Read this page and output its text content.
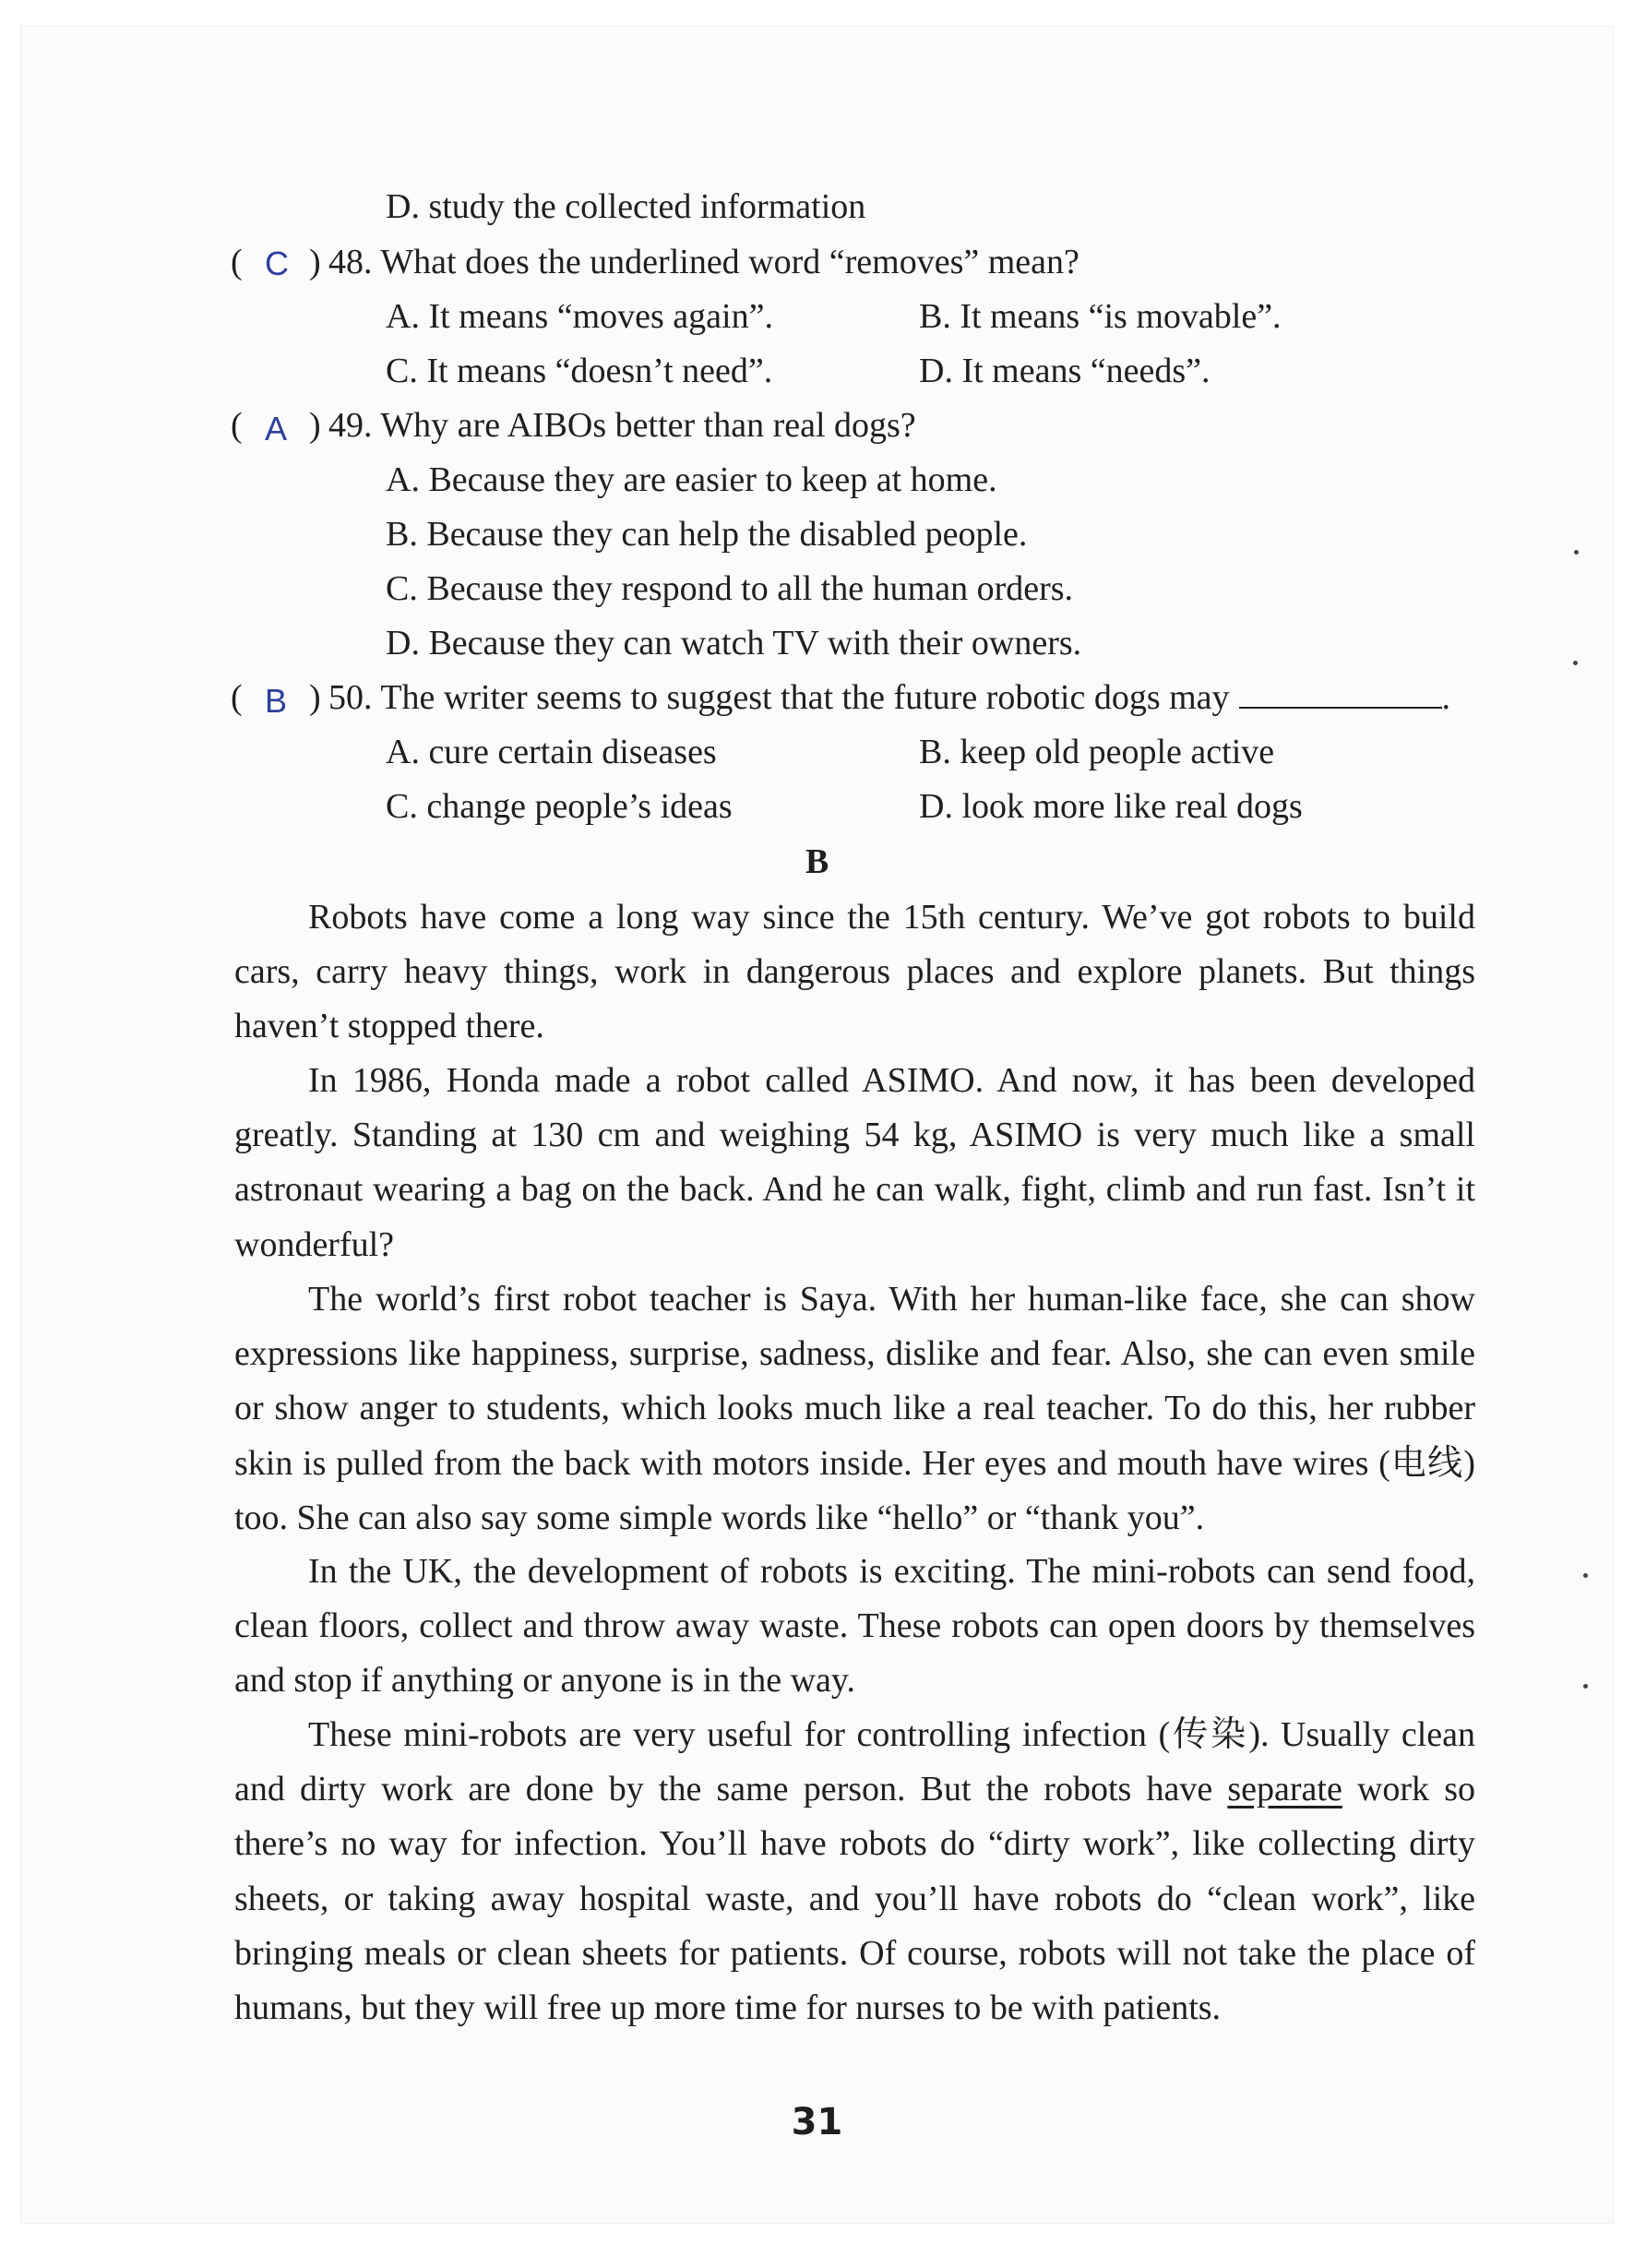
D. study the collected information
( C ) 48. What does the underlined word “removes” mean?
A. It means “moves again”.	B. It means “is movable”.
C. It means “doesn’t need”.	D. It means “needs”.
( A ) 49. Why are AIBOs better than real dogs?
A. Because they are easier to keep at home.
B. Because they can help the disabled people.
C. Because they respond to all the human orders.
D. Because they can watch TV with their owners.
( B ) 50. The writer seems to suggest that the future robotic dogs may	.
A. cure certain diseases	B. keep old people active
C. change people’s ideas	D. look more like real dogs
B

Robots have come a long way since the 15th century. We’ve got robots to build cars, carry heavy things, work in dangerous places and explore planets. But things haven’t stopped there.

In 1986, Honda made a robot called ASIMO. And now, it has been developed greatly. Standing at 130 cm and weighing 54 kg, ASIMO is very much like a small astronaut wearing a bag on the back. And he can walk, fight, climb and run fast. Isn’t it wonderful?

The world’s first robot teacher is Saya. With her human-like face, she can show expressions like happiness, surprise, sadness, dislike and fear. Also, she can even smile or show anger to students, which looks much like a real teacher. To do this, her rubber skin is pulled from the back with motors inside. Her eyes and mouth have wires (电线) too. She can also say some simple words like “hello” or “thank you”.

In the UK, the development of robots is exciting. The mini-robots can send food, clean floors, collect and throw away waste. These robots can open doors by themselves and stop if anything or anyone is in the way.

These mini-robots are very useful for controlling infection (传染). Usually clean and dirty work are done by the same person. But the robots have separate work so there’s no way for infection. You’ll have robots do “dirty work”, like collecting dirty sheets, or taking away hospital waste, and you’ll have robots do “clean work”, like bringing meals or clean sheets for patients. Of course, robots will not take the place of humans, but they will free up more time for nurses to be with patients.

31
